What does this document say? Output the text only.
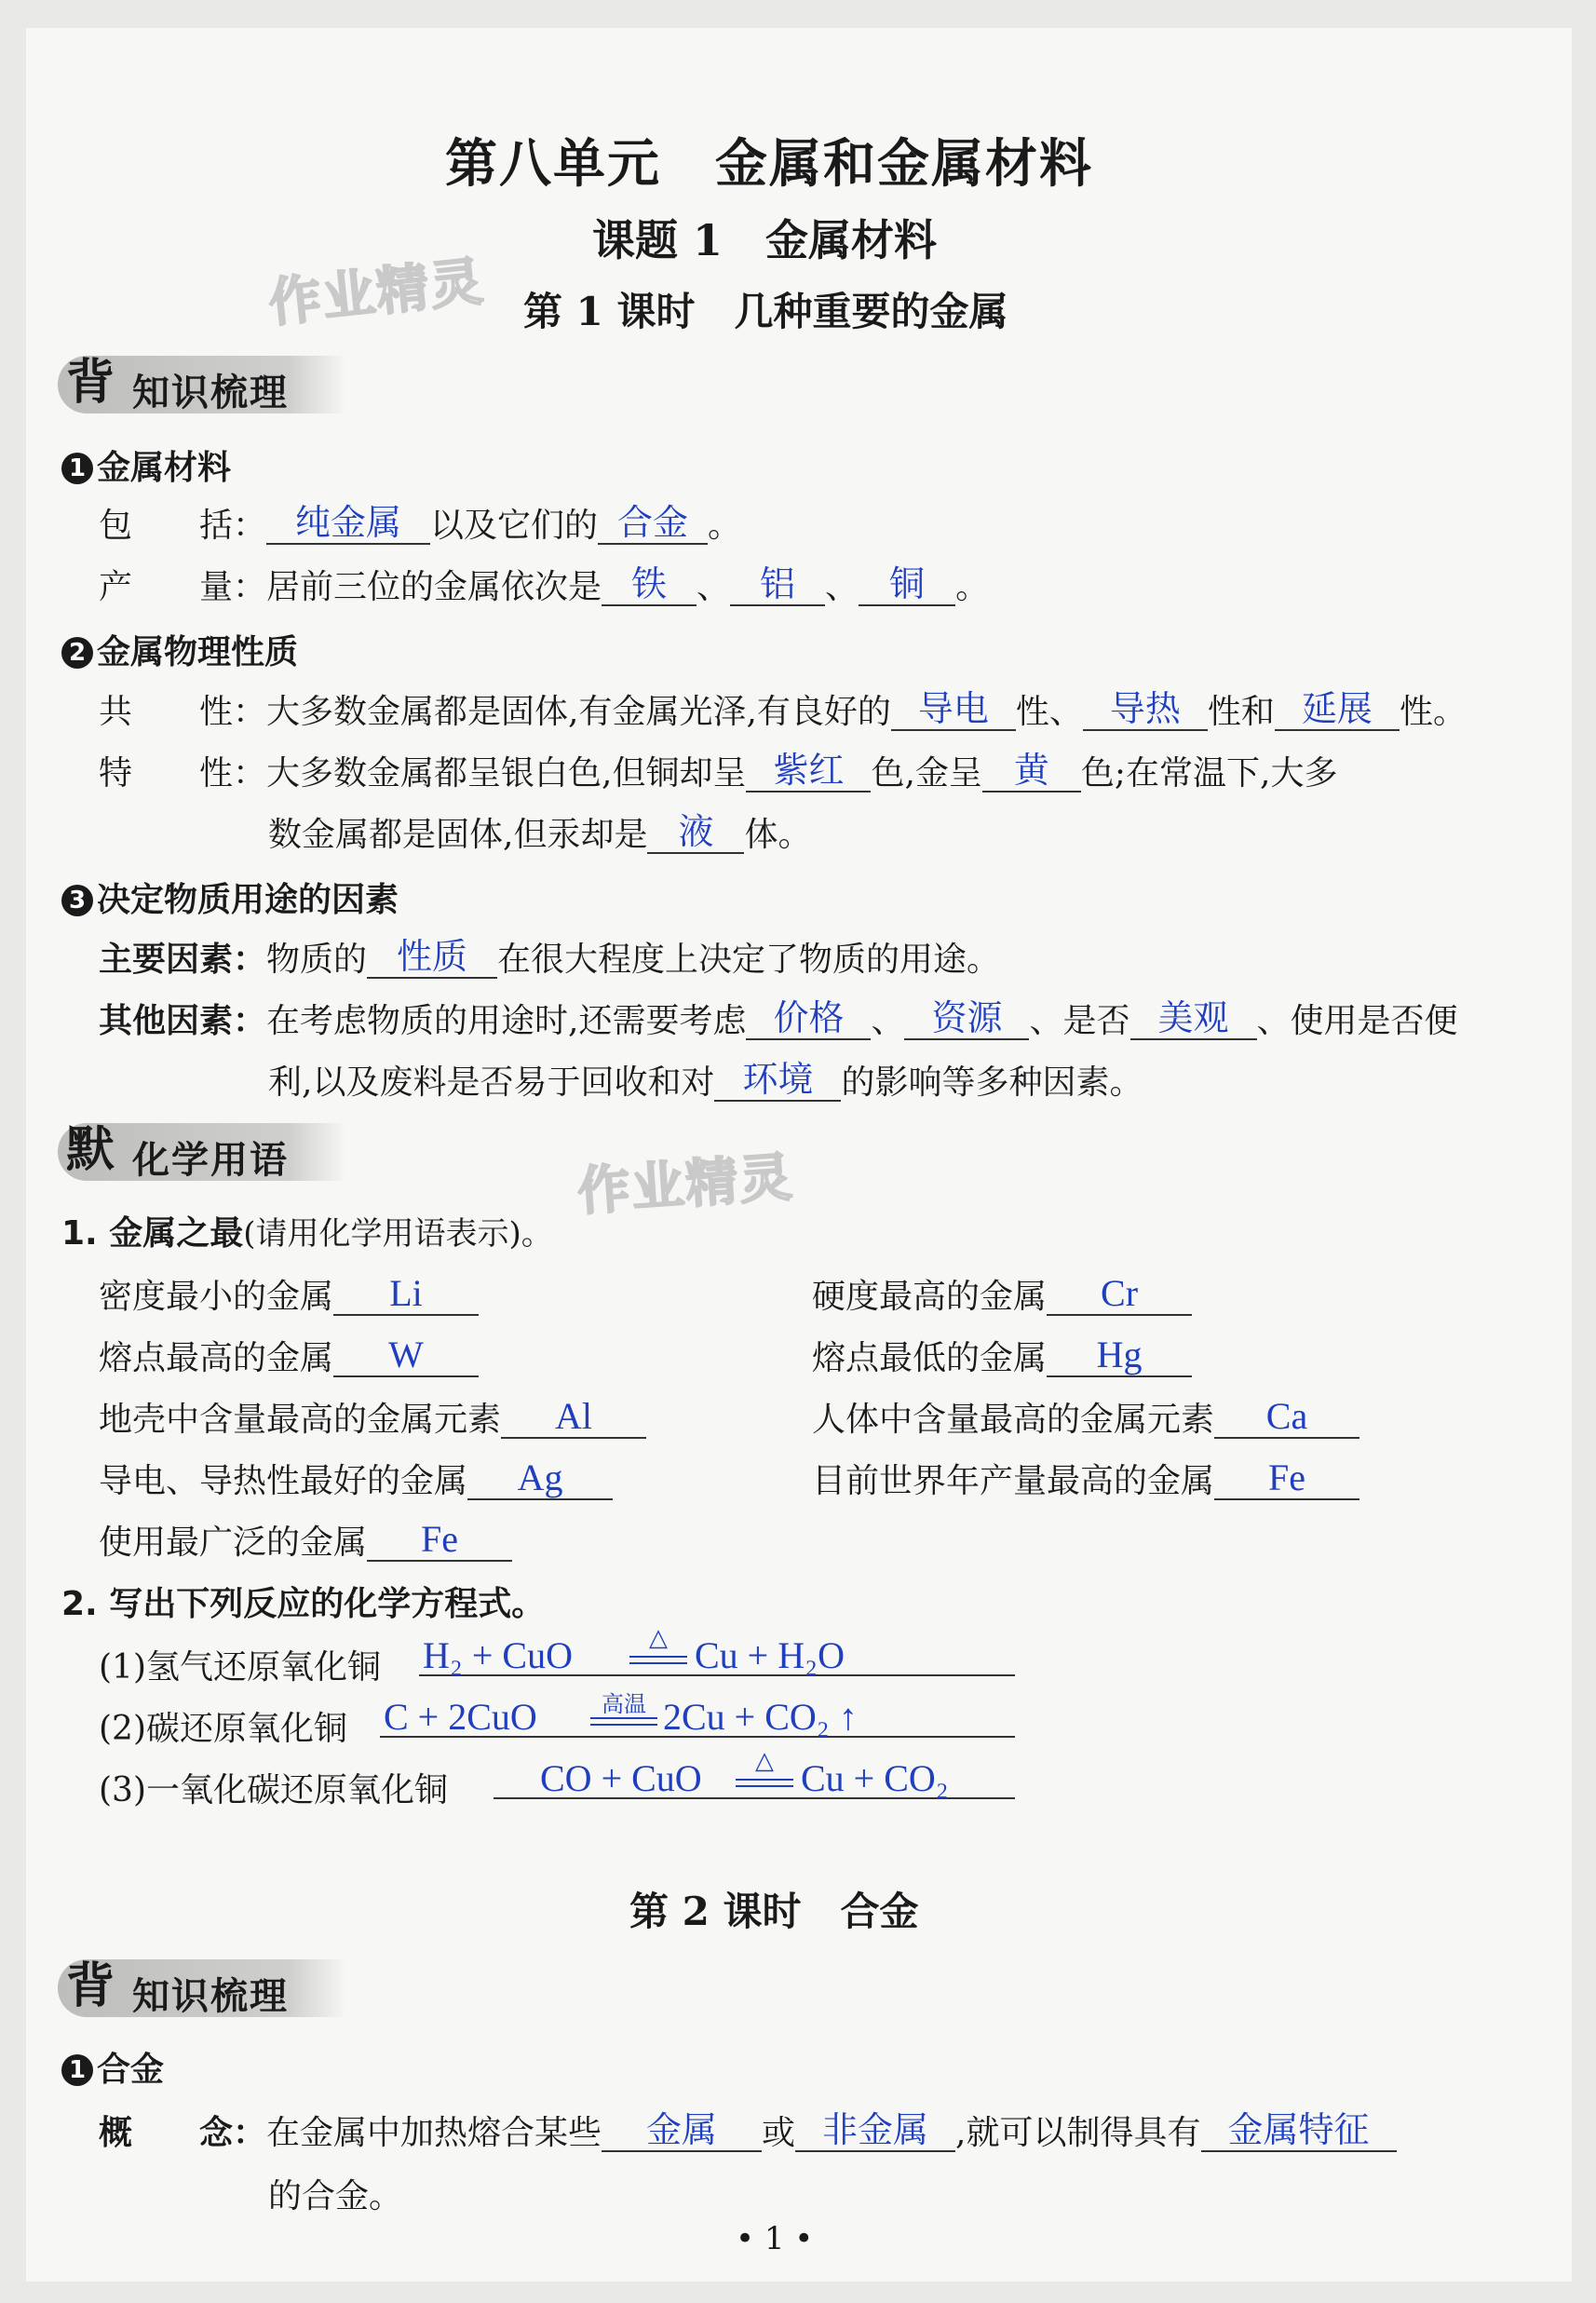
第八单元　金属和金属材料
课题 1　金属材料
作业精灵 第 1 课时　几种重要的金属
背 知识梳理
1 金属材料
包　　括： 纯金属 以及它们的 合金 。
产　　量：居前三位的金属依次是 铁 、 铝 、 铜 。
2 金属物理性质
共　　性：大多数金属都是固体,有金属光泽,有良好的 导电 性、 导热 性和 延展 性。
特　　性：大多数金属都呈银白色,但铜却呈 紫红 色,金呈 黄 色;在常温下,大多
数金属都是固体,但汞却是 液 体。
3 决定物质用途的因素
主要因素：物质的 性质 在很大程度上决定了物质的用途。
其他因素：在考虑物质的用途时,还需要考虑 价格 、 资源 、是否 美观 、使用是否便
利,以及废料是否易于回收和对 环境 的影响等多种因素。
默 化学用语	作业精灵
1. 金属之最(请用化学用语表示)。
密度最小的金属 Li	硬度最高的金属 Cr
熔点最高的金属 W	熔点最低的金属 Hg
地壳中含量最高的金属元素 Al	人体中含量最高的金属元素 Ca
导电、导热性最好的金属 Ag	目前世界年产量最高的金属 Fe
使用最广泛的金属 Fe
2. 写出下列反应的化学方程式。
(1)氢气还原氧化铜 H₂ + CuO	△ Cu + H₂O
(2)碳还原氧化铜 C + 2CuO	高温 2Cu + CO₂ ↑
(3)一氧化碳还原氧化铜 CO + CuO	△ Cu + CO₂
第 2 课时　合金
背 知识梳理
1 合金
概　　念：在金属中加热熔合某些 金属 或 非金属 ,就可以制得具有 金属特征
的合金。
• 1 •
